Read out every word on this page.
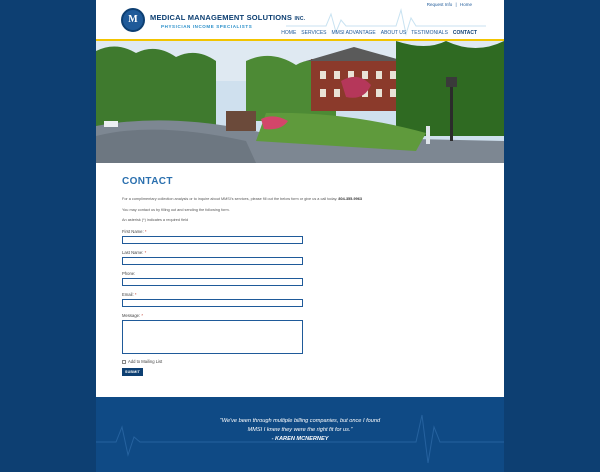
M	MEDICAL MANAGEMENT SOLUTIONS INC.
PHYSICIAN INCOME SPECIALISTS
Request Info | Home
HOME SERVICES MMSI ADVANTAGE ABOUT US TESTIMONIALS CONTACT
CONTACT

For a complimentary collection analysis or to inquire about MMSI's services, please fill out the below form or give us a call today. 804-355-9963

You may contact us by filling out and sending the following form.

An asterisk (*) indicates a required field

First Name: *
Last Name: *
Phone:
Email: *
Message: *
Add to Mailing List
SUBMIT
“We've been through multiple billing companies, but once I found
MMSI I knew they were the right fit for us.”
- KAREN MCNERNEY
